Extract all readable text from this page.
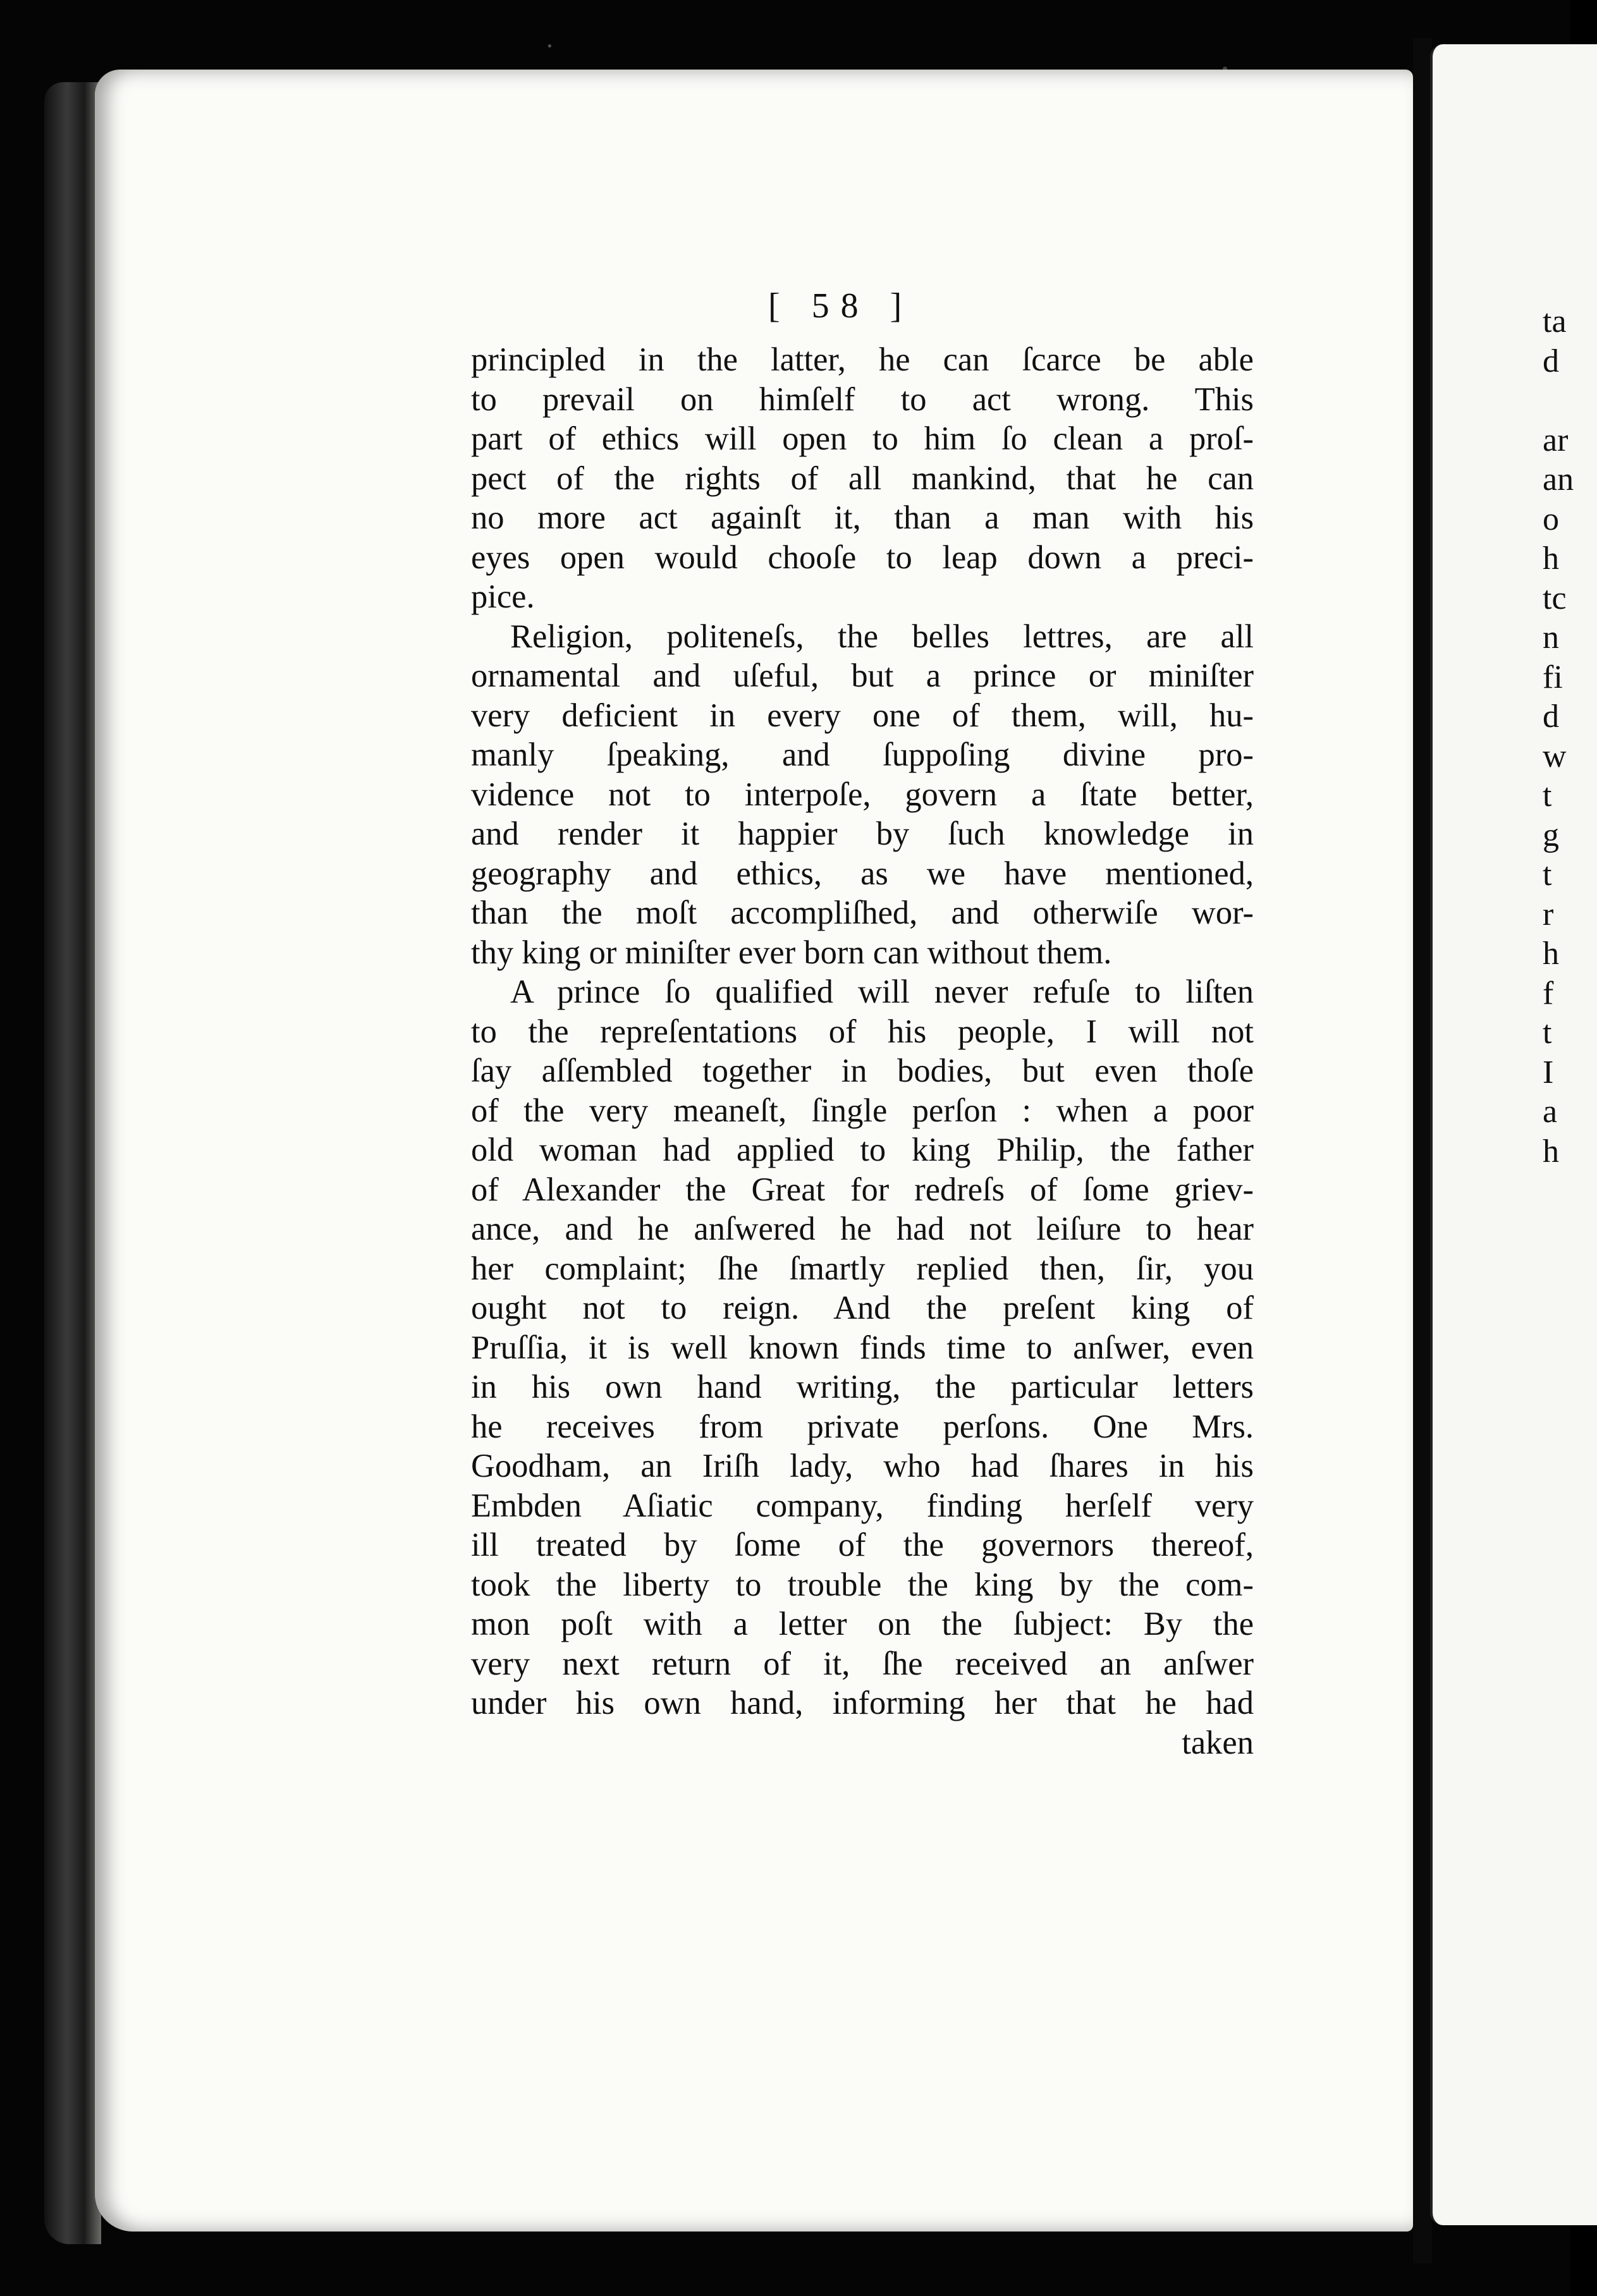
ta
d

ar
an
o
h
tc
n
fi
d
w
t
g
t
r
h
f
t
I
a
h
[ 58 ]
principled in the latter, he can ſcarce be able
to prevail on himſelf to act wrong. This
part of ethics will open to him ſo clean a proſ-
pect of the rights of all mankind, that he can
no more act againſt it, than a man with his
eyes open would chooſe to leap down a preci-
pice.
Religion, politeneſs, the belles lettres, are all
ornamental and uſeful, but a prince or miniſter
very deficient in every one of them, will, hu-
manly ſpeaking, and ſuppoſing divine pro-
vidence not to interpoſe, govern a ſtate better,
and render it happier by ſuch knowledge in
geography and ethics, as we have mentioned,
than the moſt accompliſhed, and otherwiſe wor-
thy king or miniſter ever born can without them.
A prince ſo qualified will never refuſe to liſten
to the repreſentations of his people, I will not
ſay aſſembled together in bodies, but even thoſe
of the very meaneſt, ſingle perſon : when a poor
old woman had applied to king Philip, the father
of Alexander the Great for redreſs of ſome griev-
ance, and he anſwered he had not leiſure to hear
her complaint; ſhe ſmartly replied then, ſir, you
ought not to reign. And the preſent king of
Pruſſia, it is well known finds time to anſwer, even
in his own hand writing, the particular letters
he receives from private perſons. One Mrs.
Goodham, an Iriſh lady, who had ſhares in his
Embden Aſiatic company, finding herſelf very
ill treated by ſome of the governors thereof,
took the liberty to trouble the king by the com-
mon poſt with a letter on the ſubject: By the
very next return of it, ſhe received an anſwer
under his own hand, informing her that he had
taken
